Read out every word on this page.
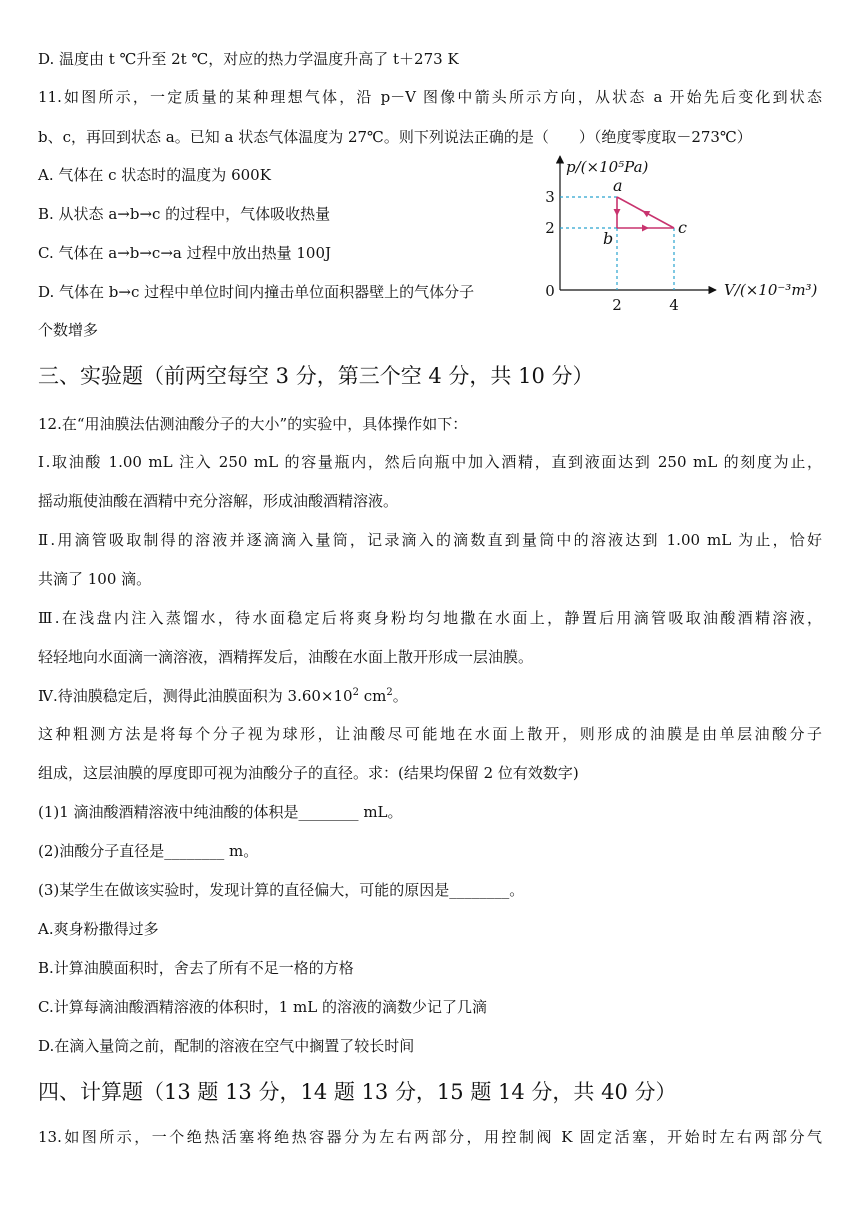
D. 温度由 t ℃升至 2t ℃，对应的热力学温度升高了 t＋273 K
11.如图所示，一定质量的某种理想气体，沿 p－V 图像中箭头所示方向，从状态 a 开始先后变化到状态
b、c，再回到状态 a。已知 a 状态气体温度为 27℃。则下列说法正确的是（　　）（绝度零度取－273℃）
A. 气体在 c 状态时的温度为 600K
B. 从状态 a→b→c 的过程中，气体吸收热量
C. 气体在 a→b→c→a 过程中放出热量 100J
D. 气体在 b→c 过程中单位时间内撞击单位面积器壁上的气体分子
个数增多
p/(×10⁵Pa)
V/(×10⁻³m³)
0
3
2
2	4
a
b
c
三、实验题（前两空每空 3 分，第三个空 4 分，共 10 分）
12.在“用油膜法估测油酸分子的大小”的实验中，具体操作如下：
Ⅰ.取油酸 1.00 mL 注入 250 mL 的容量瓶内，然后向瓶中加入酒精，直到液面达到 250 mL 的刻度为止，
摇动瓶使油酸在酒精中充分溶解，形成油酸酒精溶液。
Ⅱ.用滴管吸取制得的溶液并逐滴滴入量筒，记录滴入的滴数直到量筒中的溶液达到 1.00 mL 为止，恰好
共滴了 100 滴。
Ⅲ.在浅盘内注入蒸馏水，待水面稳定后将爽身粉均匀地撒在水面上，静置后用滴管吸取油酸酒精溶液，
轻轻地向水面滴一滴溶液，酒精挥发后，油酸在水面上散开形成一层油膜。
Ⅳ.待油膜稳定后，测得此油膜面积为 $3.60\times 10^2$ $cm^2$。
这种粗测方法是将每个分子视为球形，让油酸尽可能地在水面上散开，则形成的油膜是由单层油酸分子
组成，这层油膜的厚度即可视为油酸分子的直径。求：(结果均保留 2 位有效数字)
(1)1 滴油酸酒精溶液中纯油酸的体积是________ mL。
(2)油酸分子直径是________ m。
(3)某学生在做该实验时，发现计算的直径偏大，可能的原因是________。
A.爽身粉撒得过多
B.计算油膜面积时，舍去了所有不足一格的方格
C.计算每滴油酸酒精溶液的体积时，1 mL 的溶液的滴数少记了几滴
D.在滴入量筒之前，配制的溶液在空气中搁置了较长时间
四、计算题（13 题 13 分，14 题 13 分，15 题 14 分，共 40 分）
13.如图所示，一个绝热活塞将绝热容器分为左右两部分，用控制阀 K 固定活塞，开始时左右两部分气
